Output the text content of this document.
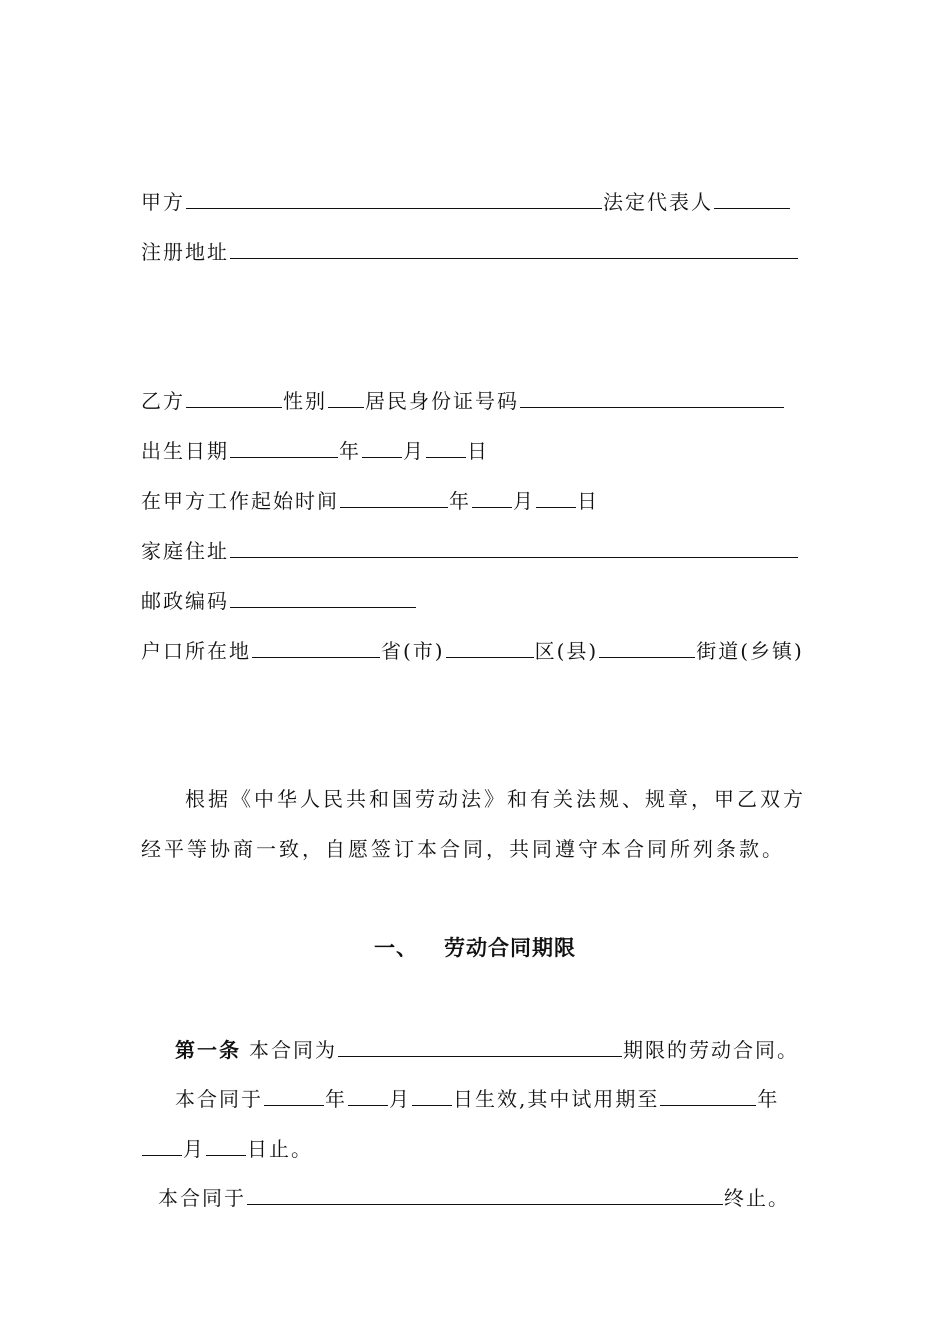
甲方	法定代表人
注册地址
乙方	性别 居民身份证号码
出生日期	年 月 日
在甲方工作起始时间	年 月 日
家庭住址
邮政编码
户口所在地	省(市)	区(县)	街道(乡镇)
根据《中华人民共和国劳动法》和有关法规、规章，甲乙双方
经平等协商一致，自愿签订本合同，共同遵守本合同所列条款。
一、 劳动合同期限
第一条 本合同为	期限的劳动合同。
本合同于	年 月 日生效,其中试用期至	年
月 日止。
本合同于	终止。
